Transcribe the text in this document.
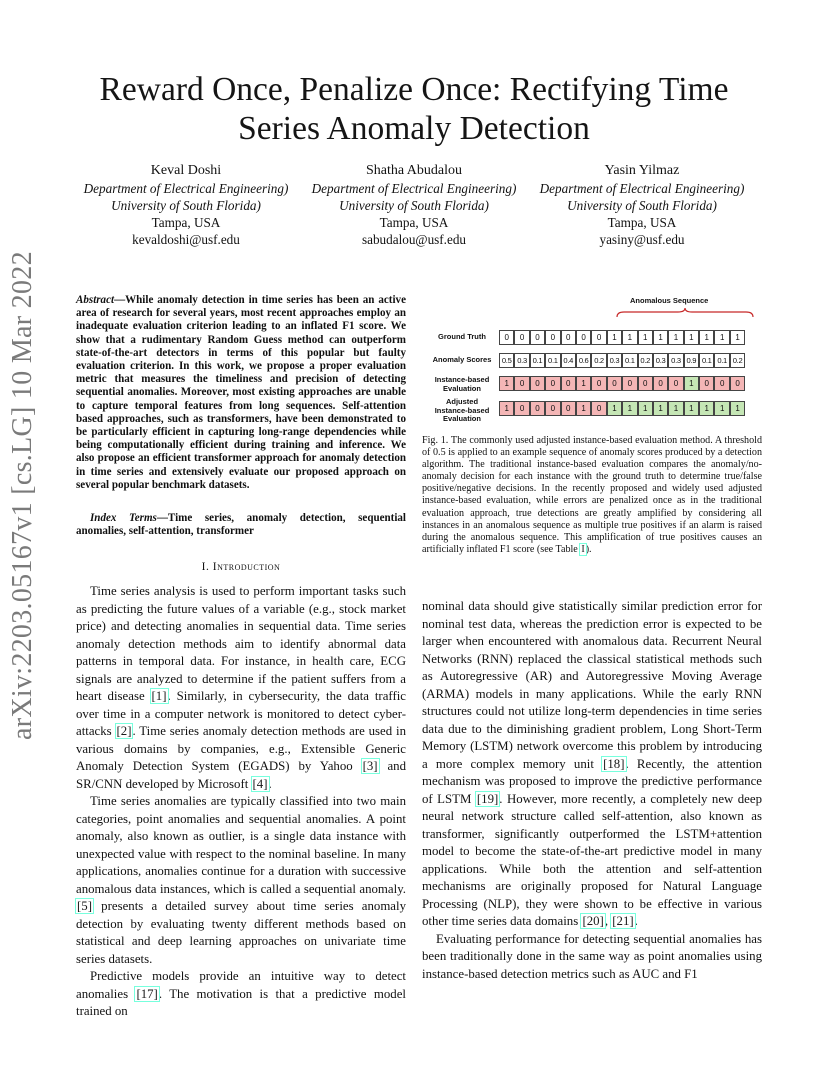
Reward Once, Penalize Once: Rectifying Time
Series Anomaly Detection
Keval Doshi
Department of Electrical Engineering)
University of South Florida)
Tampa, USA
kevaldoshi@usf.edu
Shatha Abudalou
Department of Electrical Engineering)
University of South Florida)
Tampa, USA
sabudalou@usf.edu
Yasin Yilmaz
Department of Electrical Engineering)
University of South Florida)
Tampa, USA
yasiny@usf.edu
arXiv:2203.05167v1 [cs.LG] 10 Mar 2022	Abstract—While anomaly detection in time series has been an active area of research for several years, most recent approaches employ an inadequate evaluation criterion leading to an inflated F1 score. We show that a rudimentary Random Guess method can outperform state-of-the-art detectors in terms of this popular but faulty evaluation criterion. In this work, we propose a proper evaluation metric that measures the timeliness and precision of detecting sequential anomalies. Moreover, most existing approaches are unable to capture temporal features from long sequences. Self-attention based approaches, such as transformers, have been demonstrated to be particularly efficient in capturing long-range dependencies while being computationally efficient during training and inference. We also propose an efficient transformer approach for anomaly detection in time series and extensively evaluate our proposed approach on several popular benchmark datasets.
Index Terms—Time series, anomaly detection, sequential anomalies, self-attention, transformer
I. Introduction

Time series analysis is used to perform important tasks such as predicting the future values of a variable (e.g., stock market price) and detecting anomalies in sequential data. Time series anomaly detection methods aim to identify abnormal data patterns in temporal data. For instance, in health care, ECG signals are analyzed to determine if the patient suffers from a heart disease [1]. Similarly, in cybersecurity, the data traffic over time in a computer network is monitored to detect cyber-attacks [2]. Time series anomaly detection methods are used in various domains by companies, e.g., Extensible Generic Anomaly Detection System (EGADS) by Yahoo [3] and SR/CNN developed by Microsoft [4].

Time series anomalies are typically classified into two main categories, point anomalies and sequential anomalies. A point anomaly, also known as outlier, is a single data instance with unexpected value with respect to the nominal baseline. In many applications, anomalies continue for a duration with successive anomalous data instances, which is called a sequential anomaly. [5] presents a detailed survey about time series anomaly detection by evaluating twenty different methods based on statistical and deep learning approaches on univariate time series datasets.

Predictive models provide an intuitive way to detect anomalies [17]. The motivation is that a predictive model trained on

Anomalous Sequence
Ground Truth	0	0	0	0	0	0	0	1	1	1	1	1	1	1	1	1
Anomaly Scores	0.5 0.3 0.1 0.1 0.4 0.6 0.2 0.3 0.1 0.2 0.3 0.3 0.9 0.1 0.1 0.2
Instance-based Evaluation	1	0	0	0	0	1	0	0	0	0	0	0	1	0	0	0
Adjusted Instance-based Evaluation
1	0	0	0	0	1	0	1	1	1	1	1	1	1	1	1
Fig. 1. The commonly used adjusted instance-based evaluation method. A threshold of 0.5 is applied to an example sequence of anomaly scores produced by a detection algorithm. The traditional instance-based evaluation compares the anomaly/no-anomaly decision for each instance with the ground truth to determine true/false positive/negative decisions. In the recently proposed and widely used adjusted instance-based evaluation, while errors are penalized once as in the traditional evaluation approach, true detections are greatly amplified by considering all instances in an anomalous sequence as multiple true positives if an alarm is raised during the anomalous sequence. This amplification of true positives causes an artificially inflated F1 score (see Table I).

nominal data should give statistically similar prediction error for nominal test data, whereas the prediction error is expected to be larger when encountered with anomalous data. Recurrent Neural Networks (RNN) replaced the classical statistical methods such as Autoregressive (AR) and Autoregressive Moving Average (ARMA) models in many applications. While the early RNN structures could not utilize long-term dependencies in time series data due to the diminishing gradient problem, Long Short-Term Memory (LSTM) network overcome this problem by introducing a more complex memory unit [18]. Recently, the attention mechanism was proposed to improve the predictive performance of LSTM [19]. However, more recently, a completely new deep neural network structure called self-attention, also known as transformer, significantly outperformed the LSTM+attention model to become the state-of-the-art predictive model in many applications. While both the attention and self-attention mechanisms are originally proposed for Natural Language Processing (NLP), they were shown to be effective in various other time series data domains [20], [21].

Evaluating performance for detecting sequential anomalies has been traditionally done in the same way as point anomalies using instance-based detection metrics such as AUC and F1
